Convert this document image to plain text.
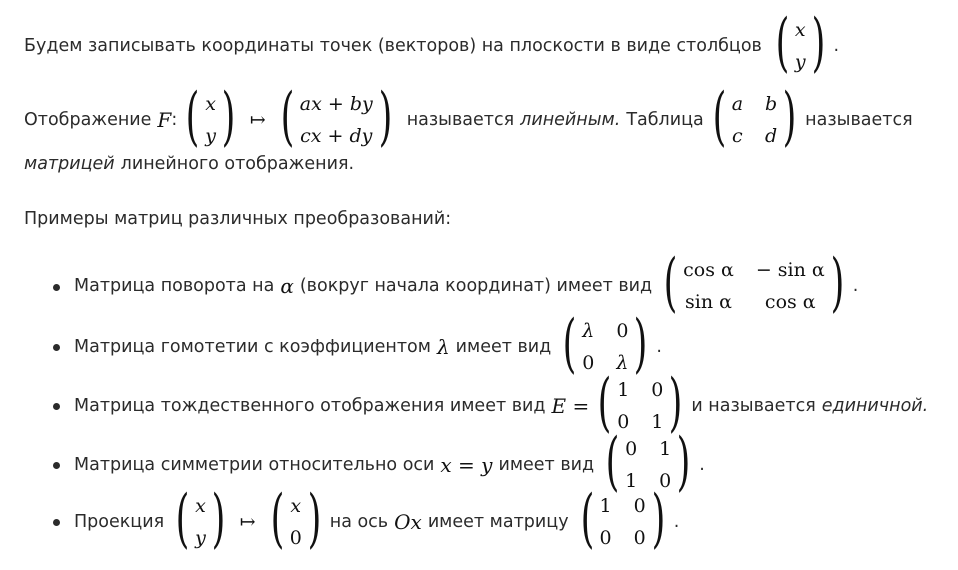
Будем записывать координаты точек (векторов) на плоскости в виде столбцов ( x
y ) .
Отображение F : ( x
y ) ↦ ( ax + by
cx + dy ) называется линейным. Таблица ( a b
c d ) называется
матрицей линейного отображения.
Примеры матриц различных преобразований:
Матрица поворота на α (вокруг начала координат) имеет вид ( cos α − sin α
sin α cos α ) .
Матрица гомотетии с коэффициентом λ имеет вид ( λ 0
0 λ ) .
Матрица тождественного отображения имеет вид E = ( 1 0
0 1 ) и называется единичной.
Матрица симметрии относительно оси x = y имеет вид ( 0 1
1 0 ) .
Проекция ( x
y ) ↦ ( x
0 ) на ось Ox имеет матрицу ( 1 0
0 0 ) .
